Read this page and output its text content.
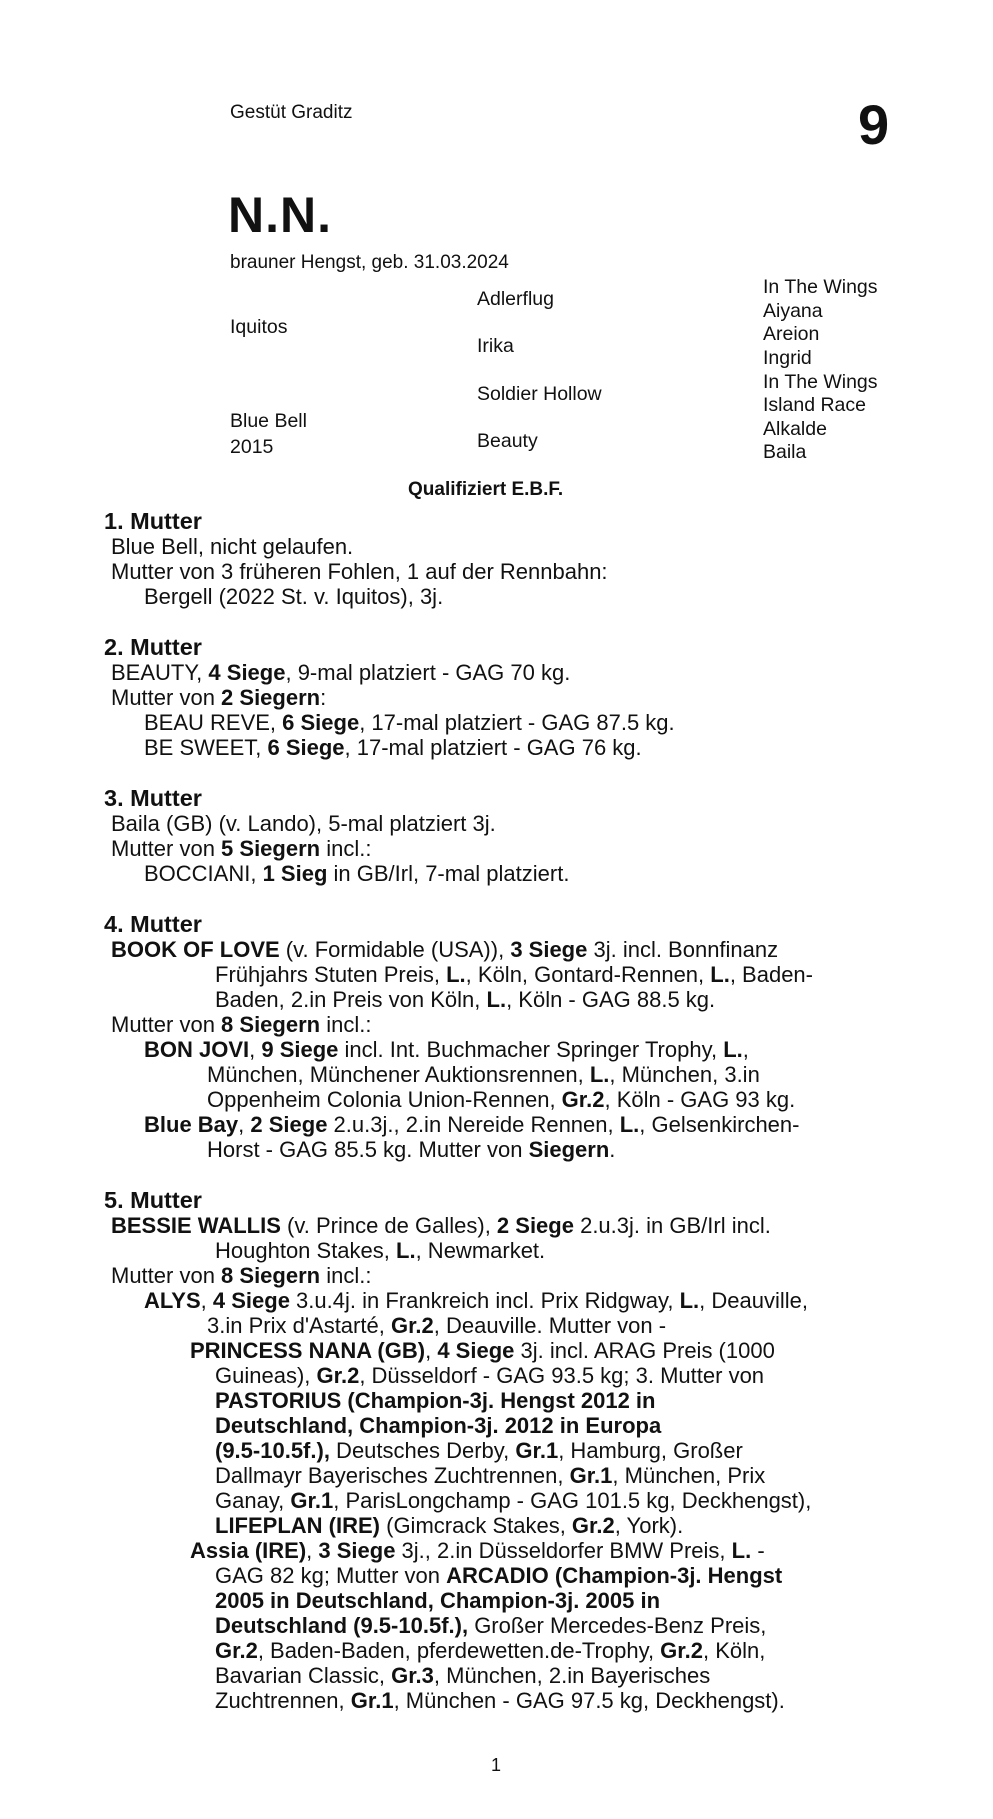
Gestüt Graditz	9
N.N.
brauner Hengst, geb. 31.03.2024
Iquitos
Blue Bell
2015
Adlerflug
Irika
Soldier Hollow
Beauty
In The Wings
Aiyana
Areion
Ingrid
In The Wings
Island Race
Alkalde
Baila
Qualifiziert E.B.F.
1. Mutter
Blue Bell, nicht gelaufen.
Mutter von 3 früheren Fohlen, 1 auf der Rennbahn:
Bergell (2022 St. v. Iquitos), 3j.
2. Mutter
BEAUTY, 4 Siege, 9-mal platziert - GAG 70 kg.
Mutter von 2 Siegern:
BEAU REVE, 6 Siege, 17-mal platziert - GAG 87.5 kg.
BE SWEET, 6 Siege, 17-mal platziert - GAG 76 kg.
3. Mutter
Baila (GB) (v. Lando), 5-mal platziert 3j.
Mutter von 5 Siegern incl.:
BOCCIANI, 1 Sieg in GB/Irl, 7-mal platziert.
4. Mutter
BOOK OF LOVE (v. Formidable (USA)), 3 Siege 3j. incl. Bonnfinanz
Frühjahrs Stuten Preis, L., Köln, Gontard-Rennen, L., Baden-
Baden, 2.in Preis von Köln, L., Köln - GAG 88.5 kg.
Mutter von 8 Siegern incl.:
BON JOVI, 9 Siege incl. Int. Buchmacher Springer Trophy, L.,
München, Münchener Auktionsrennen, L., München, 3.in
Oppenheim Colonia Union-Rennen, Gr.2, Köln - GAG 93 kg.
Blue Bay, 2 Siege 2.u.3j., 2.in Nereide Rennen, L., Gelsenkirchen-
Horst - GAG 85.5 kg. Mutter von Siegern.
5. Mutter
BESSIE WALLIS (v. Prince de Galles), 2 Siege 2.u.3j. in GB/Irl incl.
Houghton Stakes, L., Newmarket.
Mutter von 8 Siegern incl.:
ALYS, 4 Siege 3.u.4j. in Frankreich incl. Prix Ridgway, L., Deauville,
3.in Prix d'Astarté, Gr.2, Deauville. Mutter von -
PRINCESS NANA (GB), 4 Siege 3j. incl. ARAG Preis (1000
Guineas), Gr.2, Düsseldorf - GAG 93.5 kg; 3. Mutter von
PASTORIUS (Champion-3j. Hengst 2012 in
Deutschland, Champion-3j. 2012 in Europa
(9.5-10.5f.), Deutsches Derby, Gr.1, Hamburg, Großer
Dallmayr Bayerisches Zuchtrennen, Gr.1, München, Prix
Ganay, Gr.1, ParisLongchamp - GAG 101.5 kg, Deckhengst),
LIFEPLAN (IRE) (Gimcrack Stakes, Gr.2, York).
Assia (IRE), 3 Siege 3j., 2.in Düsseldorfer BMW Preis, L. -
GAG 82 kg; Mutter von ARCADIO (Champion-3j. Hengst
2005 in Deutschland, Champion-3j. 2005 in
Deutschland (9.5-10.5f.), Großer Mercedes-Benz Preis,
Gr.2, Baden-Baden, pferdewetten.de-Trophy, Gr.2, Köln,
Bavarian Classic, Gr.3, München, 2.in Bayerisches
Zuchtrennen, Gr.1, München - GAG 97.5 kg, Deckhengst).
1
